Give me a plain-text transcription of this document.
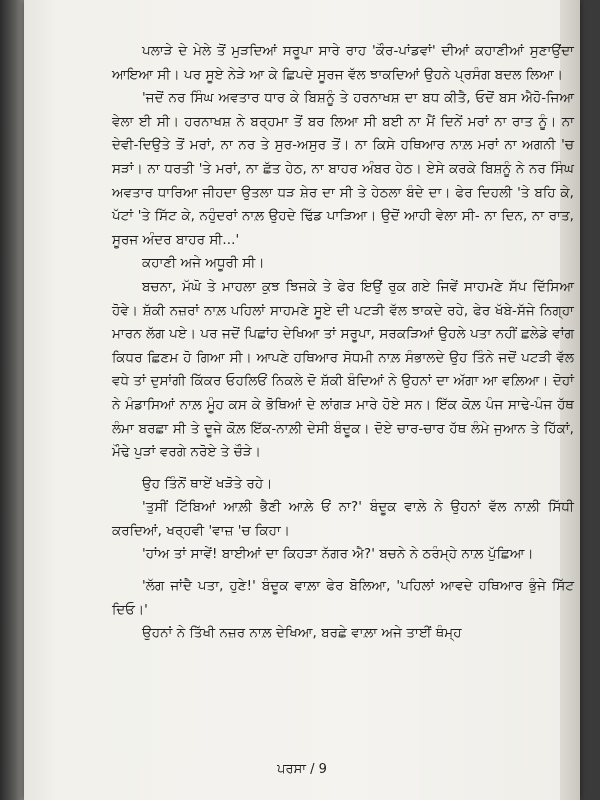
ਪਲਾੜੇ ਦੇ ਮੇਲੇ ਤੋਂ ਮੁੜਦਿਆਂ ਸਰੂਪਾ ਸਾਰੇ ਰਾਹ 'ਕੌਰ-ਪਾਂਡਵਾਂ' ਦੀਆਂ ਕਹਾਣੀਆਂ ਸੁਣਾਉਂਦਾ ਆਇਆ ਸੀ। ਪਰ ਸੂਏ ਨੇੜੇ ਆ ਕੇ ਛਿਪਦੇ ਸੂਰਜ ਵੱਲ ਝਾਕਦਿਆਂ ਉਹਨੇ ਪ੍ਰਸੰਗ ਬਦਲ ਲਿਆ।

'ਜਦੋਂ ਨਰ ਸਿੰਘ ਅਵਤਾਰ ਧਾਰ ਕੇ ਬਿਸ਼ਨੂੰ ਤੇ ਹਰਨਾਖਸ਼ ਦਾ ਬਧ ਕੀਤੈ, ਓਦੋਂ ਬਸ ਐਹੋ-ਜਿਆ ਵੇਲਾ ਈ ਸੀ। ਹਰਨਾਖਸ਼ ਨੇ ਬਰ੍ਹਮਾ ਤੋਂ ਬਰ ਲਿਆ ਸੀ ਬਈ ਨਾ ਮੈਂ ਦਿਨੇਂ ਮਰਾਂ ਨਾ ਰਾਤ ਨੂੰ। ਨਾ ਦੇਵੀ-ਦਿਉਤੇ ਤੋਂ ਮਰਾਂ, ਨਾ ਨਰ ਤੇ ਸੁਰ-ਅਸੁਰ ਤੋਂ। ਨਾ ਕਿਸੇ ਹਥਿਆਰ ਨਾਲ਼ ਮਰਾਂ ਨਾ ਅਗਨੀ 'ਚ ਸੜਾਂ। ਨਾ ਧਰਤੀ 'ਤੇ ਮਰਾਂ, ਨਾ ਛੱਤ ਹੇਠ, ਨਾ ਬਾਹਰ ਅੰਬਰ ਹੇਠ। ਏਸੇ ਕਰਕੇ ਬਿਸ਼ਨੂੰ ਨੇ ਨਰ ਸਿੰਘ ਅਵਤਾਰ ਧਾਰਿਆ ਜੀਹਦਾ ਉਤਲਾ ਧੜ ਸ਼ੇਰ ਦਾ ਸੀ ਤੇ ਹੇਠਲਾ ਬੰਦੇ ਦਾ। ਫੇਰ ਦਿਹਲੀ 'ਤੇ ਬਹਿ ਕੇ, ਪੱਟਾਂ 'ਤੇ ਸਿੱਟ ਕੇ, ਨਹੁੰਦਰਾਂ ਨਾਲ਼ ਉਹਦੇ ਢਿੱਡ ਪਾੜਿਆ। ਉਦੋਂ ਆਹੀ ਵੇਲਾ ਸੀ- ਨਾ ਦਿਨ, ਨਾ ਰਾਤ, ਸੂਰਜ ਅੰਦਰ ਬਾਹਰ ਸੀ...'

ਕਹਾਣੀ ਅਜੇ ਅਧੂਰੀ ਸੀ।

ਬਚਨਾ, ਮੱਘੋ ਤੇ ਮਾਹਲਾ ਕੁਝ ਝਿਜਕੇ ਤੇ ਫੇਰ ਇਉਂ ਰੁਕ ਗਏ ਜਿਵੇਂ ਸਾਹਮਣੇ ਸੱਪ ਦਿੱਸਿਆ ਹੋਵੇ। ਸ਼ੱਕੀ ਨਜ਼ਰਾਂ ਨਾਲ਼ ਪਹਿਲਾਂ ਸਾਹਮਣੇ ਸੂਏ ਦੀ ਪਟੜੀ ਵੱਲ ਝਾਕਦੇ ਰਹੇ, ਫੇਰ ਖੱਬੇ-ਸੱਜੇ ਨਿਗ੍ਹਾ ਮਾਰਨ ਲੱਗ ਪਏ। ਪਰ ਜਦੋਂ ਪਿਛਾਂਹ ਦੇਖਿਆ ਤਾਂ ਸਰੂਪਾ, ਸਰਕੜਿਆਂ ਉਹਲੇ ਪਤਾ ਨਹੀਂ ਛਲੇਡੇ ਵਾਂਗ ਕਿਧਰ ਛਿਣਮ ਹੋ ਗਿਆ ਸੀ। ਆਪਣੇ ਹਥਿਆਰ ਸੋਧਮੀ ਨਾਲ਼ ਸੰਭਾਲਦੇ ਉਹ ਤਿੰਨੇ ਜਦੋਂ ਪਟੜੀ ਵੱਲ ਵਧੇ ਤਾਂ ਦੁਸਾਂਗੀ ਕਿੱਕਰ ਓਹਲਿਓਂ ਨਿਕਲੇ ਦੋ ਸ਼ੱਕੀ ਬੰਦਿਆਂ ਨੇ ਉਹਨਾਂ ਦਾ ਅੱਗਾ ਆ ਵਲ਼ਿਆ। ਦੋਹਾਂ ਨੇ ਮੰਡਾਸਿਆਂ ਨਾਲ਼ ਮੂੰਹ ਕਸ ਕੇ ਭੋਥਿਆਂ ਦੇ ਲਾਂਗੜ ਮਾਰੇ ਹੋਏ ਸਨ। ਇੱਕ ਕੋਲ਼ ਪੰਜ ਸਾਢੇ-ਪੰਜ ਹੱਥ ਲੰਮਾ ਬਰਛਾ ਸੀ ਤੇ ਦੂਜੇ ਕੋਲ਼ ਇੱਕ-ਨਾਲ਼ੀ ਦੇਸੀ ਬੰਦੂਕ। ਦੋਏ ਚਾਰ-ਚਾਰ ਹੱਥ ਲੰਮੇ ਜੁਆਨ ਤੇ ਹਿੱਕਾਂ, ਮੌਢੇ ਪੁੜਾਂ ਵਰਗੇ ਨਰੋਏ ਤੇ ਚੌੜੇ।

ਉਹ ਤਿੰਨੋਂ ਥਾਏਂ ਖੜੋਤੇ ਰਹੇ।

'ਤੁਸੀਂ ਟਿੱਬਿਆਂ ਆਲ਼ੀ ਭੈਣੀ ਆਲ਼ੇ ਓਂ ਨਾ?' ਬੰਦੂਕ ਵਾਲ਼ੇ ਨੇ ਉਹਨਾਂ ਵੱਲ ਨਾਲ਼ੀ ਸਿੱਧੀ ਕਰਦਿਆਂ, ਖਰ੍ਹਵੀ 'ਵਾਜ਼ 'ਚ ਕਿਹਾ।

'ਹਾਂਅ ਤਾਂ ਸਾਵੇਂ! ਬਾਈਆਂ ਦਾ ਕਿਹੜਾ ਨੱਗਰ ਐ?' ਬਚਨੇ ਨੇ ਠਰੰਮ੍ਹੇ ਨਾਲ਼ ਪੁੱਛਿਆ।

'ਲੱਗ ਜਾਂਦੈ ਪਤਾ, ਹੁਣੇ!' ਬੰਦੂਕ ਵਾਲ਼ਾ ਫੇਰ ਬੋਲਿਆ, 'ਪਹਿਲਾਂ ਆਵਦੇ ਹਥਿਆਰ ਭੁੰਜੇ ਸਿੱਟ ਦਿਓ।'

ਉਹਨਾਂ ਨੇ ਤਿੱਖੀ ਨਜ਼ਰ ਨਾਲ਼ ਦੇਖਿਆ, ਬਰਛੇ ਵਾਲ਼ਾ ਅਜੇ ਤਾਈਂ ਥੰਮ੍ਹ

ਪਰਸਾ / 9
